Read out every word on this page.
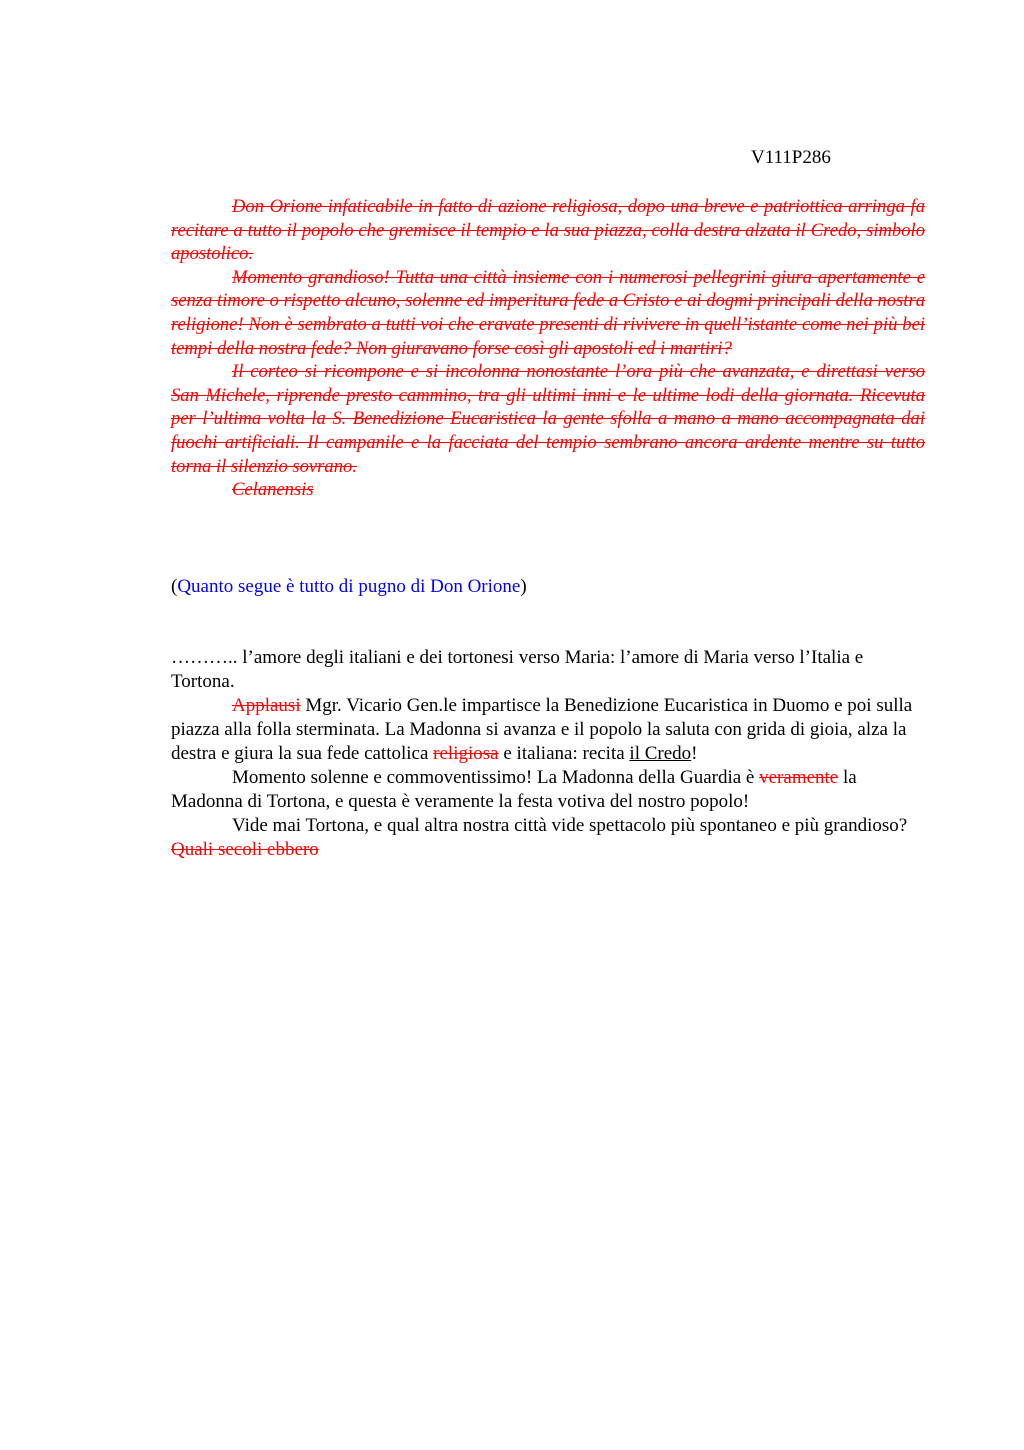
V111P286

Don Orione infaticabile in fatto di azione religiosa, dopo una breve e patriottica arringa fa recitare a tutto il popolo che gremisce il tempio e la sua piazza, colla destra alzata il Credo, simbolo apostolico.

Momento grandioso! Tutta una città insieme con i numerosi pellegrini giura apertamente e senza timore o rispetto alcuno, solenne ed imperitura fede a Cristo e ai dogmi principali della nostra religione! Non è sembrato a tutti voi che eravate presenti di rivivere in quell’istante come nei più bei tempi della nostra fede? Non giuravano forse così gli apostoli ed i martiri?

Il corteo si ricompone e si incolonna nonostante l’ora più che avanzata, e direttasi verso San Michele, riprende presto cammino, tra gli ultimi inni e le ultime lodi della giornata. Ricevuta per l’ultima volta la S. Benedizione Eucaristica la gente sfolla a mano a mano accompagnata dai fuochi artificiali. Il campanile e la facciata del tempio sembrano ancora ardente mentre su tutto torna il silenzio sovrano.

Celanensis

(Quanto segue è tutto di pugno di Don Orione)

……….. l’amore degli italiani e dei tortonesi verso Maria: l’amore di Maria verso l’Italia e Tortona.

Applausi Mgr. Vicario Gen.le impartisce la Benedizione Eucaristica in Duomo e poi sulla piazza alla folla sterminata. La Madonna si avanza e il popolo la saluta con grida di gioia, alza la destra e giura la sua fede cattolica religiosa e italiana: recita il Credo!

Momento solenne e commoventissimo! La Madonna della Guardia è veramente la Madonna di Tortona, e questa è veramente la festa votiva del nostro popolo!

Vide mai Tortona, e qual altra nostra città vide spettacolo più spontaneo e più grandioso? Quali secoli ebbero
